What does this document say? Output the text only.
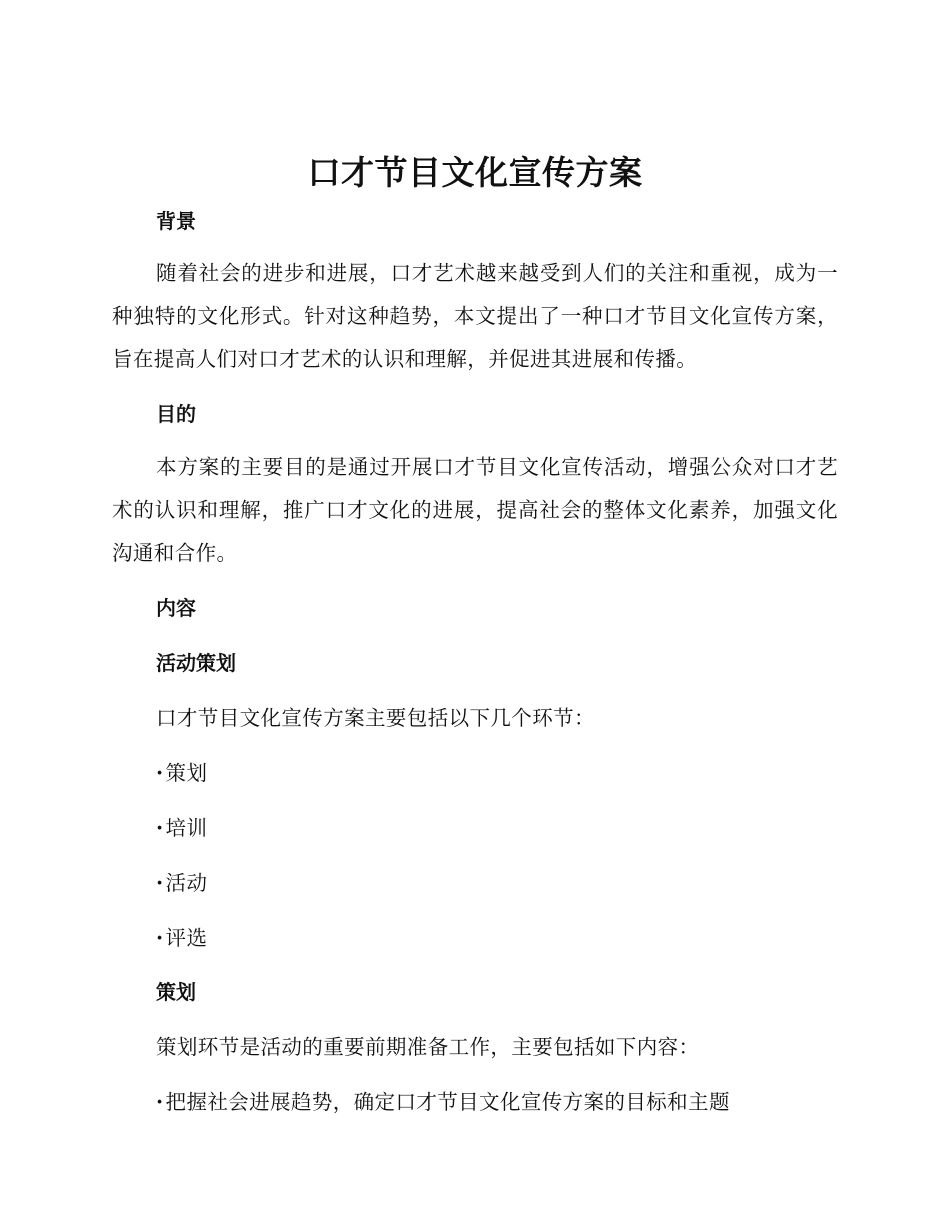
口才节目文化宣传方案
背景
随着社会的进步和进展，口才艺术越来越受到人们的关注和重视，成为一种独特的文化形式。针对这种趋势，本文提出了一种口才节目文化宣传方案，旨在提高人们对口才艺术的认识和理解，并促进其进展和传播。
目的
本方案的主要目的是通过开展口才节目文化宣传活动，增强公众对口才艺术的认识和理解，推广口才文化的进展，提高社会的整体文化素养，加强文化沟通和合作。
内容
活动策划
口才节目文化宣传方案主要包括以下几个环节：
·策划
·培训
·活动
·评选
策划
策划环节是活动的重要前期准备工作，主要包括如下内容：
·把握社会进展趋势，确定口才节目文化宣传方案的目标和主题
